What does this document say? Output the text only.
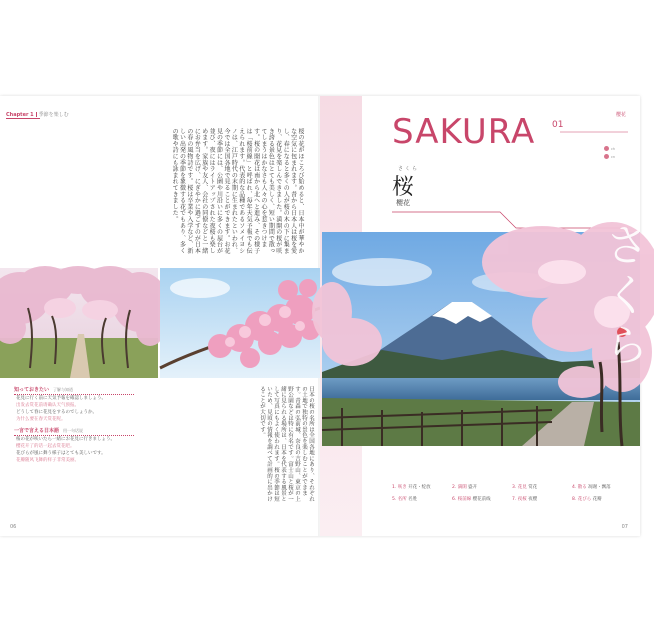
Chapter 1 季節を楽しむ
桜の花がほころび始めると、日本中が華やかな空気に包まれます。昔から日本人は桜を愛し、春になると多くの人が桜の木の下に集まり、花見を楽しんできました。満開の桜が咲き誇る景色はとても美しく、短い期間で散ってしまうはかなさも人々の心を惹きつけます。桜の開花は南から北へと進み、その様子は「桜前線」と呼ばれ、毎年天気予報でも伝えられます。代表的な品種であるソメイヨシノは、江戸時代の末期に生まれたといわれ、今では全国各地で見ることができます。お花見の季節には、公園や川沿いに多くの屋台が並び、夜にはライトアップされた夜桜も楽しめます。家族や友人、会社の同僚などと一緒にお弁当を広げ、にぎやかに過ごすのが日本の春の風物詩です。桜は卒業や入学など、新しい出発の季節を象徴する花でもあり、多くの歌や詩にも詠まれてきました。
知っておきたい 了解与知道
花見に行く前に天気予報を確認しましょう。
出发去赏花前请确认天气预报。
どうして春に花見をするのでしょうか。
为什么要在春天赏花呢。
一言で言える日本語 用一句话说
桜の花が咲いたら一緒にお花見に行きましょう。
樱花开了的话一起去赏花吧。
花びらが風に舞う様子はとても美しいです。
花瓣随风飞舞的样子非常美丽。	日本の桜の名所は全国各地にあり、それぞれの土地で独特の景色を楽しむことができます。青森の弘前城、奈良の吉野山、東京の上野公園などは特に有名です。富士山と桜が一緒に見られる場所は、日本を代表する風景として写真にもよく使われます。桜の季節は短いため、見頃の情報を調べて計画的に出かけることが大切です。
06
樱花
SAKURA 01
さくら
桜
櫻花
ch
cn
さくら
1. 咲き 开花・绽放	2. 満開 盛开	3. 花見 赏花	4. 散る 凋谢・飘落
5. 名所 名胜	6. 桜前線 樱花前线	7. 夜桜 夜樱	8. 花びら 花瓣
07
